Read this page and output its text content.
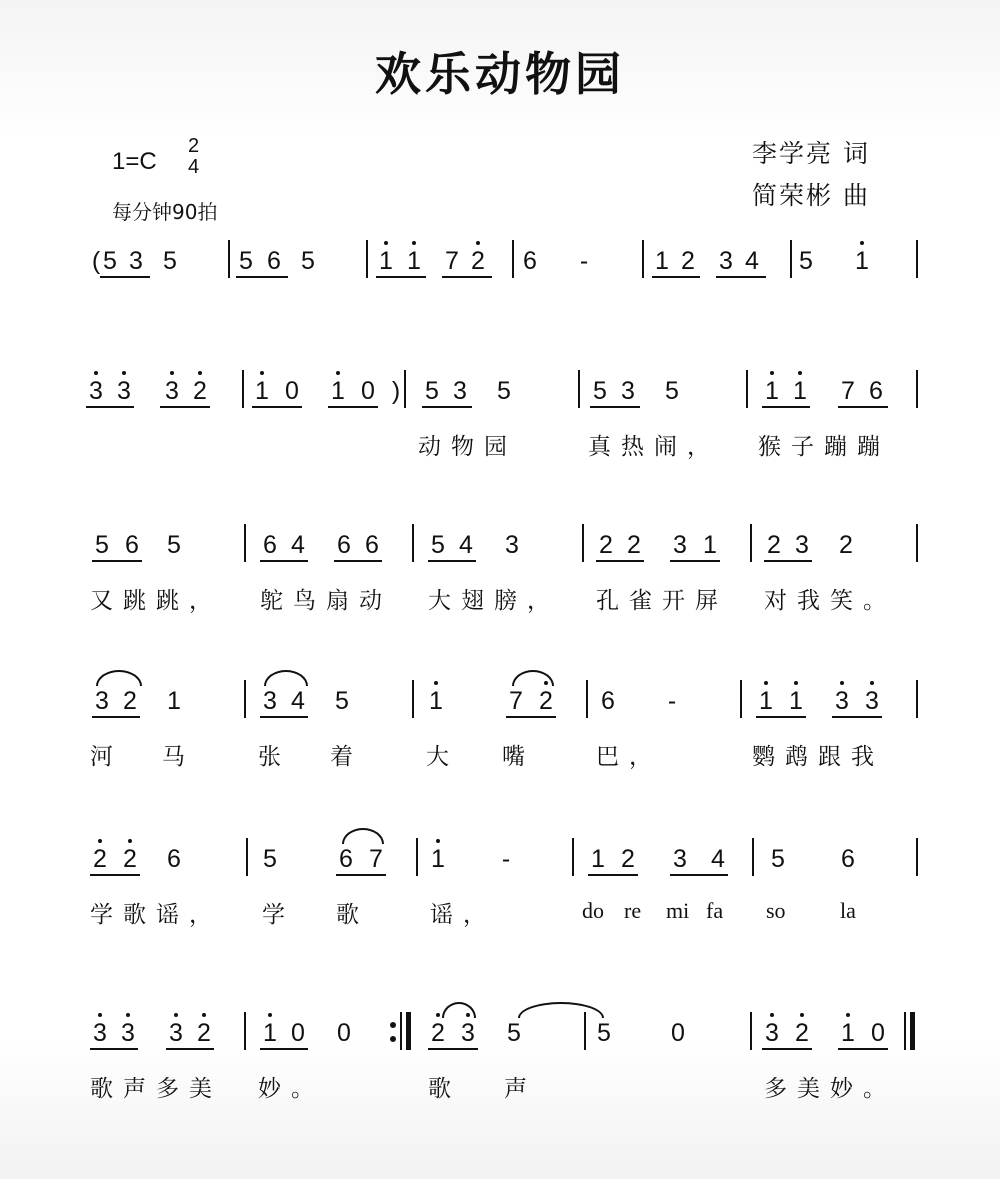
欢乐动物园
1=C
2
4
每分钟90拍
李学亮 词
简荣彬 曲
( 5 3 5 5 6 5	1 1 7 2 6	-	1 2 3 4 5 1
3 3 3 2 1 0 1 0 ) 5 3 5	5 3 5	1 1 7 6
动物园	真热闹， 猴子蹦蹦
5 6 5	6 4 6 6 5 4 3	2 2 3 1 2 3 2
又跳跳， 鸵鸟扇动 大翅膀， 孔雀开屏 对我笑。
3 2 1	3 4 5	1	7 2 6	-	1 1 3 3
河 马	张 着	大 嘴	巴，	鹦鹉跟我
2 2 6	5 6 7 1	-	1 2 3 4 5 6
学歌谣， 学 歌	谣，	do re mi fa so la
3 3 3 2 1 0 0	2 3 5	5 0	3 2 1 0
歌声多美 妙。	歌 声	多美妙。
